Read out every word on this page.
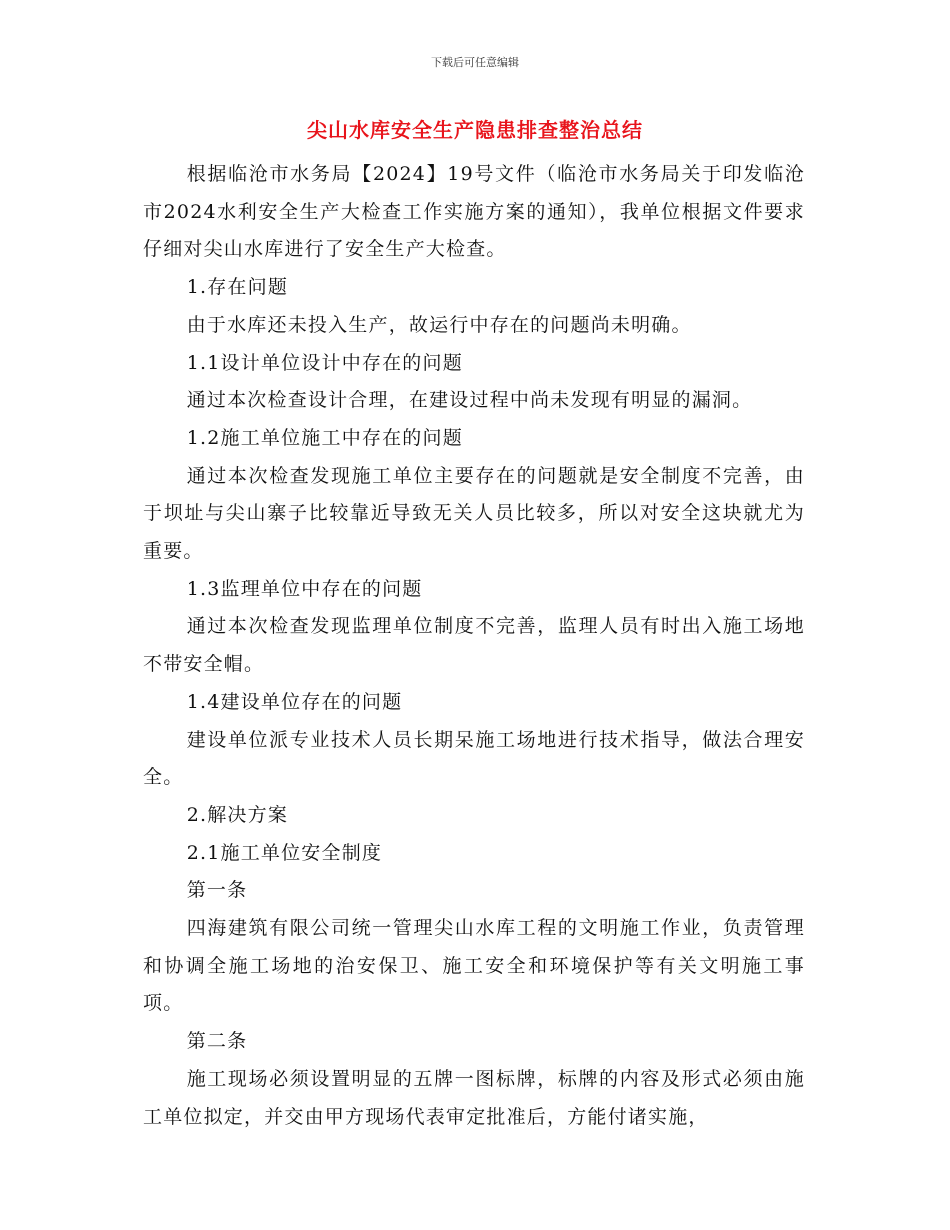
下载后可任意编辑
尖山水库安全生产隐患排查整治总结

根据临沧市水务局【2024】19号文件（临沧市水务局关于印发临沧市2024水利安全生产大检查工作实施方案的通知），我单位根据文件要求仔细对尖山水库进行了安全生产大检查。

1.存在问题

由于水库还未投入生产，故运行中存在的问题尚未明确。

1.1设计单位设计中存在的问题

通过本次检查设计合理，在建设过程中尚未发现有明显的漏洞。

1.2施工单位施工中存在的问题

通过本次检查发现施工单位主要存在的问题就是安全制度不完善，由于坝址与尖山寨子比较靠近导致无关人员比较多，所以对安全这块就尤为重要。

1.3监理单位中存在的问题

通过本次检查发现监理单位制度不完善，监理人员有时出入施工场地不带安全帽。

1.4建设单位存在的问题

建设单位派专业技术人员长期呆施工场地进行技术指导，做法合理安全。

2.解决方案

2.1施工单位安全制度

第一条

四海建筑有限公司统一管理尖山水库工程的文明施工作业，负责管理和协调全施工场地的治安保卫、施工安全和环境保护等有关文明施工事项。

第二条

施工现场必须设置明显的五牌一图标牌，标牌的内容及形式必须由施工单位拟定，并交由甲方现场代表审定批准后，方能付诸实施，
